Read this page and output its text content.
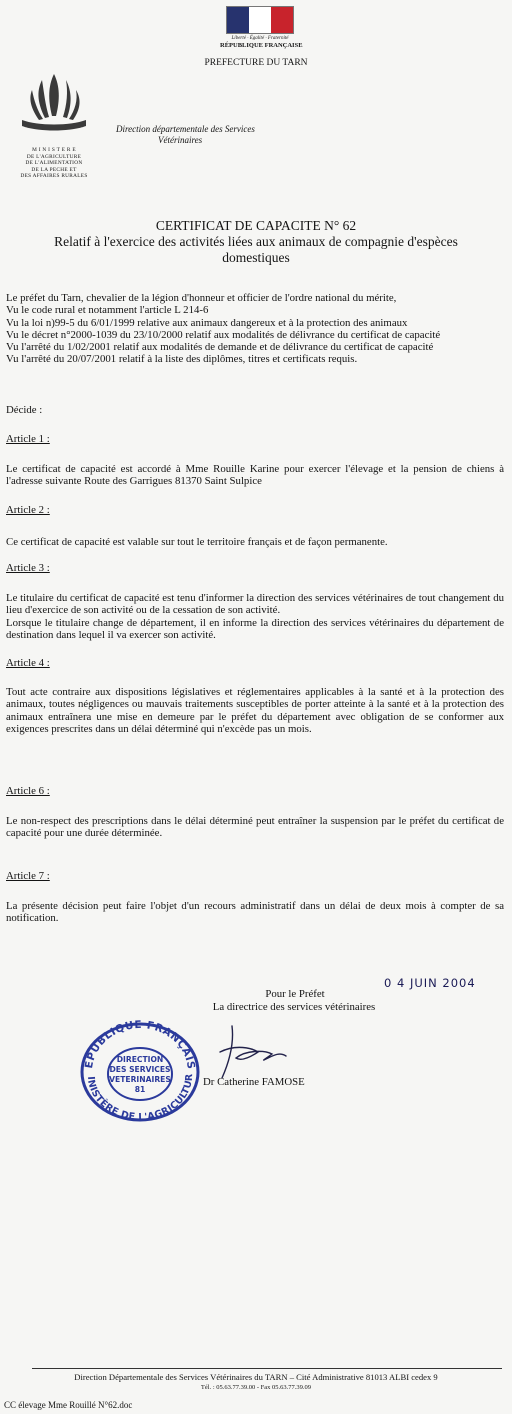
Liberté · Égalité · Fraternité
RÉPUBLIQUE FRANÇAISE
PREFECTURE DU TARN
M I N I S T E R E
DE L'AGRICULTURE
DE L'ALIMENTATION
DE LA PECHE ET
DES AFFAIRES RURALES
Direction départementale des Services
Vétérinaires
CERTIFICAT DE CAPACITE N° 62
Relatif à l'exercice des activités liées aux animaux de compagnie d'espèces domestiques
Le préfet du Tarn, chevalier de la légion d'honneur et officier de l'ordre national du mérite,
Vu le code rural et notamment l'article L 214-6
Vu la loi n)99-5 du 6/01/1999 relative aux animaux dangereux et à la protection des animaux
Vu le décret n°2000-1039 du 23/10/2000 relatif aux modalités de délivrance du certificat de capacité
Vu l'arrêté du 1/02/2001 relatif aux modalités de demande et de délivrance du certificat de capacité
Vu l'arrêté du 20/07/2001 relatif à la liste des diplômes, titres et certificats requis.
Décide :
Article 1 :
Le certificat de capacité est accordé à Mme Rouille Karine pour exercer l'élevage et la pension de chiens à l'adresse suivante Route des Garrigues 81370 Saint Sulpice
Article 2 :
Ce certificat de capacité est valable sur tout le territoire français et de façon permanente.
Article 3 :
Le titulaire du certificat de capacité est tenu d'informer la direction des services vétérinaires de tout changement du lieu d'exercice de son activité ou de la cessation de son activité.
Lorsque le titulaire change de département, il en informe la direction des services vétérinaires du département de destination dans lequel il va exercer son activité.
Article 4 :
Tout acte contraire aux dispositions législatives et réglementaires applicables à la santé et à la protection des animaux, toutes négligences ou mauvais traitements susceptibles de porter atteinte à la santé et à la protection des animaux entraînera une mise en demeure par le préfet du département avec obligation de se conformer aux exigences prescrites dans un délai déterminé qui n'excède pas un mois.
Article 6 :
Le non-respect des prescriptions dans le délai déterminé peut entraîner la suspension par le préfet du certificat de capacité pour une durée déterminée.
Article 7 :
La présente décision peut faire l'objet d'un recours administratif dans un délai de deux mois à compter de sa notification.
0 4 JUIN 2004
Pour le Préfet
La directrice des services vétérinaires
ÉPUBLIQUE FRANÇAIS
INISTÈRE DE L'AGRICULTUR
DIRECTION
DES SERVICES
VETERINAIRES
81
Dr Catherine FAMOSE
Direction Départementale des Services Vétérinaires du TARN – Cité Administrative 81013 ALBI cedex 9
Tél. : 05.63.77.39.00 - Fax 05.63.77.39.09
CC élevage Mme Rouillé N°62.doc
